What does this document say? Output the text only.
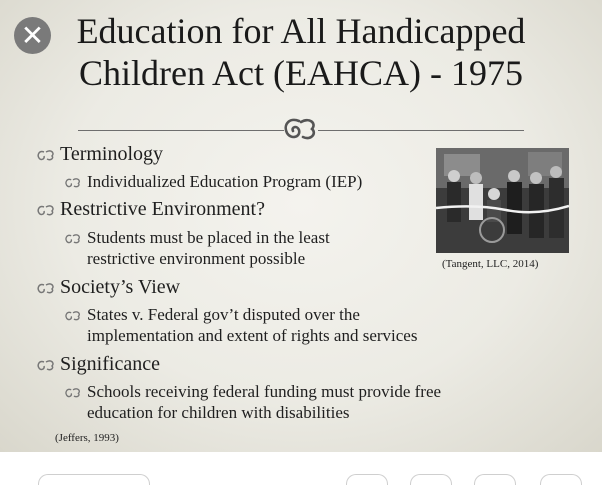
✕ Education for All Handicapped
Children Act (EAHCA) - 1975
Terminology
Individualized Education Program (IEP)
Restrictive Environment?
Students must be placed in the least
restrictive environment possible
Society’s View
States v. Federal gov’t disputed over the
implementation and extent of rights and services
Significance
Schools receiving federal funding must provide free
education for children with disabilities
(Tangent, LLC, 2014)
(Jeffers, 1993)
